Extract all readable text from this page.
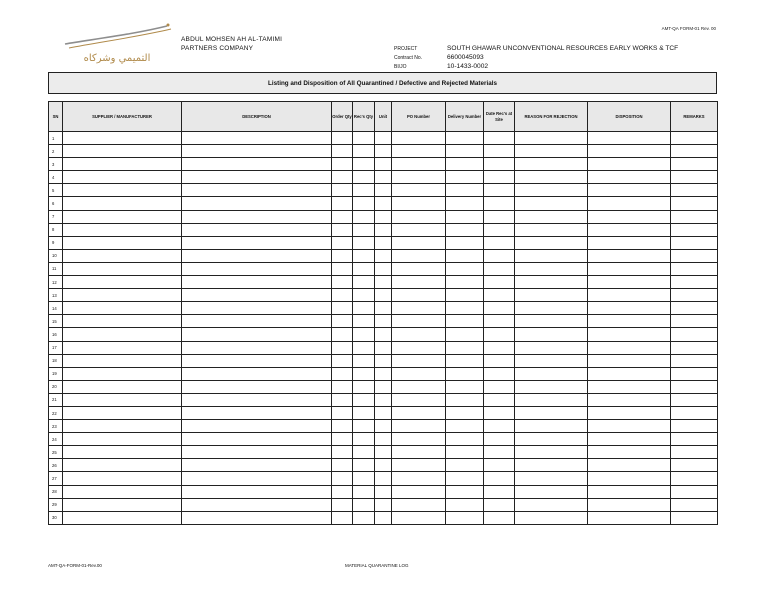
التميمي وشركاه
ABDUL MOHSEN AH AL-TAMIMI
PARTNERS COMPANY
AMT-QA FORM-01 Rev. 00
PROJECT	SOUTH GHAWAR UNCONVENTIONAL RESOURCES EARLY WORKS & TCF
Contract No.	6600045093
BI/JO	10-1433-0002
Listing and Disposition of All Quarantined / Defective and Rejected Materials
SN	SUPPLIER / MANUFACTURER	DESCRIPTION	Order Qty	Rec's Qty	Unit	PO Number	Delivery Number	Date Rec's at Site	REASON FOR REJECTION	DISPOSITION	REMARKS
1											
2											
3											
4											
5											
6											
7											
8											
9											
10											
11											
12											
13											
14											
15											
16											
17											
18											
19											
20											
21											
22											
23											
24											
25											
26											
27											
28											
29											
30											
AMT-QA-FORM-01-Rev.00	MATERIAL QUARANTINE LOG
